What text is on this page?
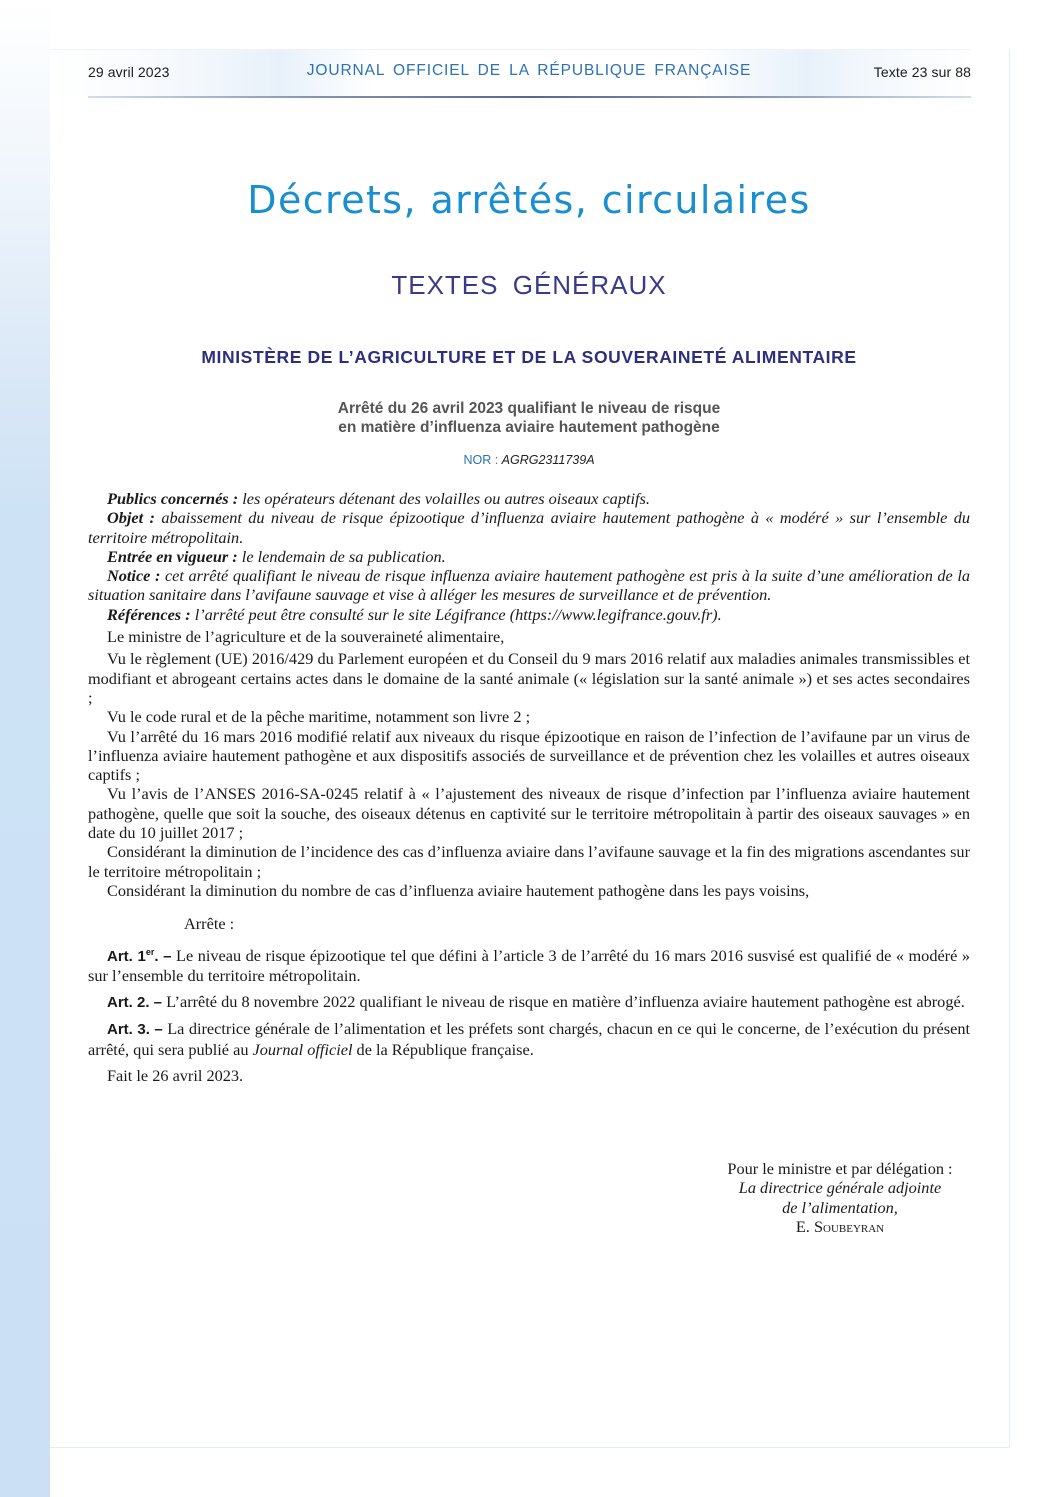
JOURNAL OFFICIEL DE LA RÉPUBLIQUE FRANÇAISE
29 avril 2023	Texte 23 sur 88
Décrets, arrêtés, circulaires
TEXTES GÉNÉRAUX
MINISTÈRE DE L’AGRICULTURE ET DE LA SOUVERAINETÉ ALIMENTAIRE
Arrêté du 26 avril 2023 qualifiant le niveau de risque
en matière d’influenza aviaire hautement pathogène
NOR : AGRG2311739A

Publics concernés : les opérateurs détenant des volailles ou autres oiseaux captifs.

Objet : abaissement du niveau de risque épizootique d’influenza aviaire hautement pathogène à « modéré » sur l’ensemble du territoire métropolitain.

Entrée en vigueur : le lendemain de sa publication.

Notice : cet arrêté qualifiant le niveau de risque influenza aviaire hautement pathogène est pris à la suite d’une amélioration de la situation sanitaire dans l’avifaune sauvage et vise à alléger les mesures de surveillance et de prévention.

Références : l’arrêté peut être consulté sur le site Légifrance (https://www.legifrance.gouv.fr).

Le ministre de l’agriculture et de la souveraineté alimentaire,

Vu le règlement (UE) 2016/429 du Parlement européen et du Conseil du 9 mars 2016 relatif aux maladies animales transmissibles et modifiant et abrogeant certains actes dans le domaine de la santé animale (« législation sur la santé animale ») et ses actes secondaires ;

Vu le code rural et de la pêche maritime, notamment son livre 2 ;

Vu l’arrêté du 16 mars 2016 modifié relatif aux niveaux du risque épizootique en raison de l’infection de l’avifaune par un virus de l’influenza aviaire hautement pathogène et aux dispositifs associés de surveillance et de prévention chez les volailles et autres oiseaux captifs ;

Vu l’avis de l’ANSES 2016-SA-0245 relatif à « l’ajustement des niveaux de risque d’infection par l’influenza aviaire hautement pathogène, quelle que soit la souche, des oiseaux détenus en captivité sur le territoire métropolitain à partir des oiseaux sauvages » en date du 10 juillet 2017 ;

Considérant la diminution de l’incidence des cas d’influenza aviaire dans l’avifaune sauvage et la fin des migrations ascendantes sur le territoire métropolitain ;

Considérant la diminution du nombre de cas d’influenza aviaire hautement pathogène dans les pays voisins,

Arrête :

Art. 1er. – Le niveau de risque épizootique tel que défini à l’article 3 de l’arrêté du 16 mars 2016 susvisé est qualifié de « modéré » sur l’ensemble du territoire métropolitain.

Art. 2. – L’arrêté du 8 novembre 2022 qualifiant le niveau de risque en matière d’influenza aviaire hautement pathogène est abrogé.

Art. 3. – La directrice générale de l’alimentation et les préfets sont chargés, chacun en ce qui le concerne, de l’exécution du présent arrêté, qui sera publié au Journal officiel de la République française.

Fait le 26 avril 2023.

Pour le ministre et par délégation :
La directrice générale adjointe
de l’alimentation,
E. Soubeyran
